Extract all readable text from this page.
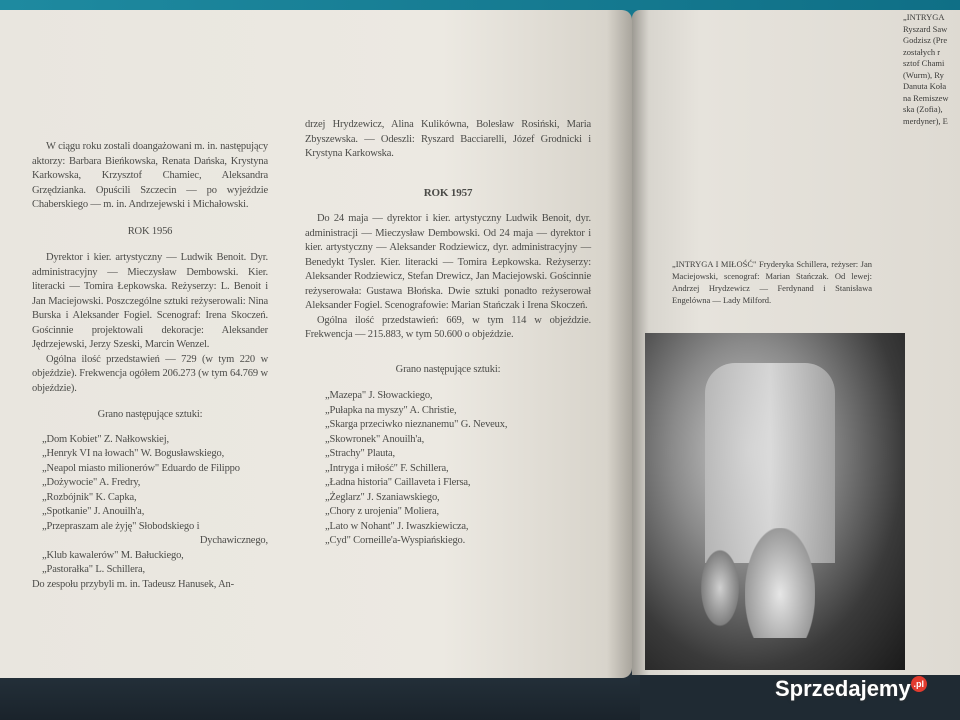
W ciągu roku zostali doangażowani m. in. następujący aktorzy: Barbara Bieńkowska, Renata Dańska, Krystyna Karkowska, Krzysztof Chamiec, Aleksandra Grzędzianka. Opuścili Szczecin — po wyjeździe Chaberskiego — m. in. Andrzejewski i Michałowski.
ROK 1956
Dyrektor i kier. artystyczny — Ludwik Benoit. Dyr. administracyjny — Mieczysław Dembowski. Kier. literacki — Tomira Łepkowska. Reżyserzy: L. Benoit i Jan Maciejowski. Poszczególne sztuki reżyserowali: Nina Burska i Aleksander Fogiel. Scenograf: Irena Skoczeń. Gościnnie projektowali dekoracje: Aleksander Jędrzejewski, Jerzy Szeski, Marcin Wenzel.
Ogólna ilość przedstawień — 729 (w tym 220 w objeździe). Frekwencja ogółem 206.273 (w tym 64.769 w objeździe).
Grano następujące sztuki:
„Dom Kobiet" Z. Nałkowskiej,
„Henryk VI na łowach" W. Bogusławskiego,
„Neapol miasto milionerów" Eduardo de Filippo
„Dożywocie" A. Fredry,
„Rozbójnik" K. Capka,
„Spotkanie" J. Anouilh'a,
„Przepraszam ale żyję" Słobodskiego i
Dychawicznego,
„Klub kawalerów" M. Bałuckiego,
„Pastorałka" L. Schillera,
Do zespołu przybyli m. in. Tadeusz Hanusek, An-
drzej Hrydzewicz, Alina Kulikówna, Bolesław Rosiński, Maria Zbyszewska. — Odeszli: Ryszard Bacciarelli, Józef Grodnicki i Krystyna Karkowska.
ROK 1957
Do 24 maja — dyrektor i kier. artystyczny Ludwik Benoit, dyr. administracji — Mieczysław Dembowski. Od 24 maja — dyrektor i kier. artystyczny — Aleksander Rodziewicz, dyr. administracyjny — Benedykt Tysler. Kier. literacki — Tomira Łepkowska. Reżyserzy: Aleksander Rodziewicz, Stefan Drewicz, Jan Maciejowski. Gościnnie reżyserowała: Gustawa Błońska. Dwie sztuki ponadto reżyserował Aleksander Fogiel. Scenografowie: Marian Stańczak i Irena Skoczeń.
Ogólna ilość przedstawień: 669, w tym 114 w objeździe. Frekwencja — 215.883, w tym 50.600 o objeździe.
Grano następujące sztuki:
„Mazepa" J. Słowackiego,
„Pułapka na myszy" A. Christie,
„Skarga przeciwko nieznanemu" G. Neveux,
„Skowronek" Anouilh'a,
„Strachy" Plauta,
„Intryga i miłość" F. Schillera,
„Ładna historia" Caillaveta i Flersa,
„Żeglarz" J. Szaniawskiego,
„Chory z urojenia" Moliera,
„Lato w Nohant" J. Iwaszkiewicza,
„Cyd" Corneille'a-Wyspiańskiego.
„INTRYGA
Ryszard Saw
Godzisz (Pre
zostałych r
sztof Chami
(Wurm), Ry
Danuta Koła
na Remiszew
ska (Zofia),
merdyner), E
„INTRYGA I MIŁOŚĆ" Fryderyka Schillera, reżyser: Jan Maciejowski, scenograf: Marian Stańczak. Od lewej: Andrzej Hrydzewicz — Ferdynand i Stanisława Engelówna — Lady Milford.
Sprzedajemy .pl
